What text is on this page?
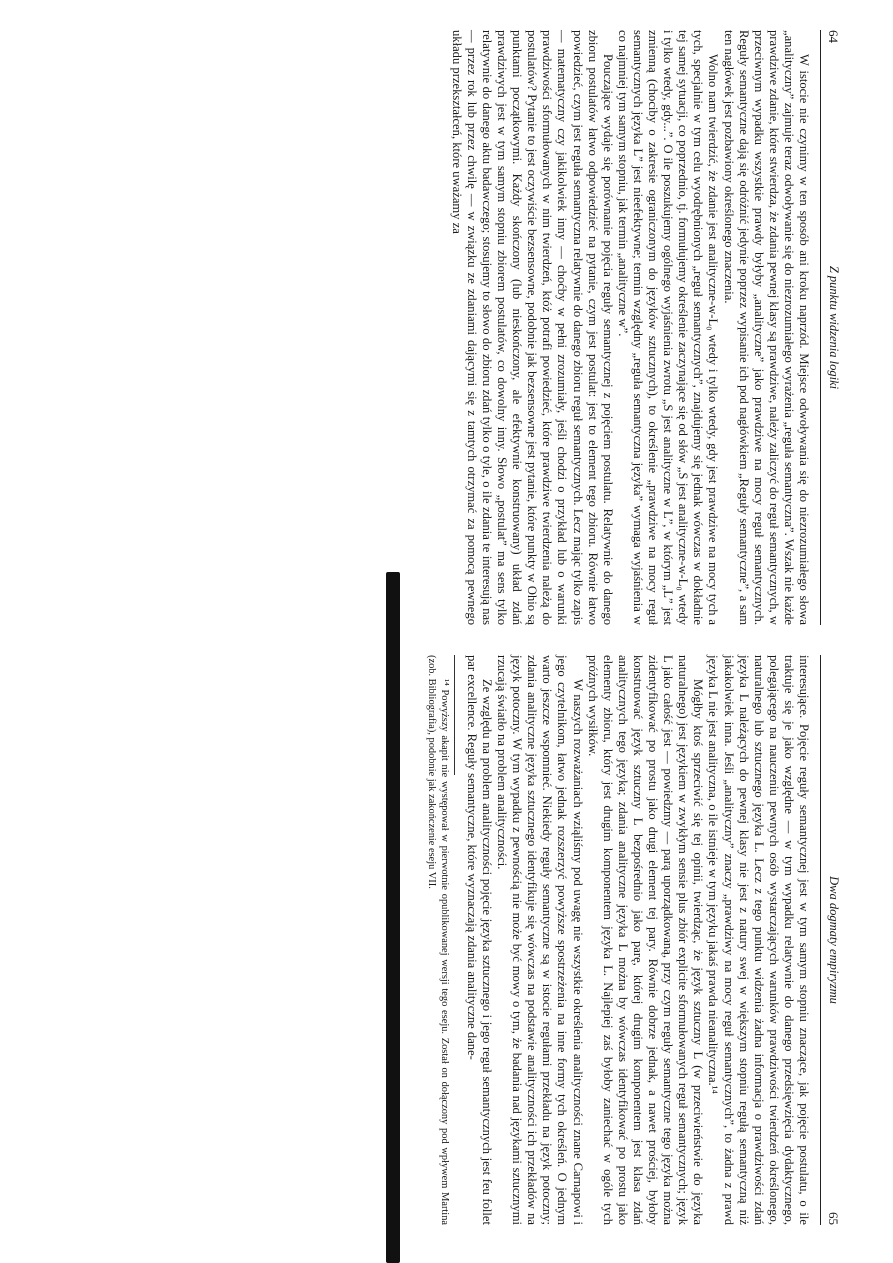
64
Z punktu widzenia logiki

W istocie nie czynimy w ten sposób ani kroku naprzód. Miejsce odwoływania się do niezrozumiałego słowa „analityczny” zajmuje teraz odwoływanie się do niezrozumiałego wyrażenia „reguła semantyczna”. Wszak nie każde prawdziwe zdanie, które stwierdza, że zdania pewnej klasy są prawdziwe, należy zaliczyć do reguł semantycznych, w przeciwnym wypadku wszystkie prawdy byłyby „analityczne” jako prawdziwe na mocy reguł semantycznych. Reguły semantyczne dają się odróżnić jedynie poprzez wypisanie ich pod nagłówkiem „Reguły semantyczne”, a sam ten nagłówek jest pozbawiony określonego znaczenia.

Wolno nam twierdzić, że zdanie jest analityczne-w-L₀ wtedy i tylko wtedy, gdy jest prawdziwe na mocy tych a tych, specjalnie w tym celu wyodrębnionych „reguł semantycznych”, znajdujemy się jednak wówczas w dokładnie tej samej sytuacji, co poprzednio, tj. formułujemy określenie zaczynające się od słów „S jest analityczne-w-L₀ wtedy i tylko wtedy, gdy...”. O ile poszukujemy ogólnego wyjaśnienia zwrotu „S jest analityczne w L”, w którym „L” jest zmienną (chociby o zakresie ograniczonym do języków sztucznych), to określenie „prawdziwe na mocy reguł semantycznych języka L” jest nieefektywne; termin względny „reguła semantyczna języka” wymaga wyjaśnienia w co najmniej tym samym stopniu, jak termin „analityczne w”.

Pouczające wydaje się porównanie pojęcia reguły semantycznej z pojęciem postulatu. Relatywnie do danego zbioru postulatów łatwo odpowiedzieć na pytanie, czym jest postulat: jest to element tego zbioru. Równie łatwo powiedzieć, czym jest reguła semantyczna relatywnie do danego zbioru reguł semantycznych. Lecz mając tylko zapis — matematyczny czy jakikolwiek inny — choćby w pełni zrozumiały, jeśli chodzi o przykład lub o warunki prawdziwości sformułowanych w nim twierdzeń, któż potrafi powiedzieć, które prawdziwe twierdzenia należą do postulatów? Pytanie to jest oczywiście bezsensowne, podobnie jak bezsensowne jest pytanie, które punkty w Ohio są punktami początkowymi. Każdy skończony (lub nieskończony, ale efektywnie konstruowany) układ zdań prawdziwych jest w tym samym stopniu zbiorem postulatów, co dowolny inny. Słowo „postulat” ma sens tylko relatywnie do danego aktu badawczego; stosujemy to słowo do zbioru zdań tylko o tyle, o ile zdania te interesują nas — przez rok lub przez chwilę — w związku ze zdaniami dającymi się z tamtych otrzymać za pomocą pewnego układu przekształceń, które uważamy za

Dwa dogmaty empiryzmu
65

interesujące. Pojęcie reguły semantycznej jest w tym samym stopniu znaczące, jak pojęcie postulatu, o ile traktuje się je jako względne — w tym wypadku relatywnie do danego przedsięwzięcia dydaktycznego, polegającego na nauczeniu pewnych osób wystarczających warunków prawdziwości twierdzeń określonego, naturalnego lub sztucznego języka L. Lecz z tego punktu widzenia żadna informacja o prawdziwości zdań języka L należących do pewnej klasy nie jest z natury swej w większym stopniu regułą semantyczną niż jakakolwiek inna. Jeśli „analityczny” znaczy „prawdziwy na mocy reguł semantycznych”, to żadna z prawd języka L nie jest analityczna, o ile istnieje w tym języku jakaś prawda nieanalityczna.¹⁴

Mógłby ktoś sprzeciwić się tej opinii, twierdząc, że język sztuczny L (w przeciwieństwie do języka naturalnego) jest językiem w zwykłym sensie plus zbiór explicite sformułowanych reguł semantycznych; język L jako całość jest — powiedzmy — parą uporządkowaną, przy czym reguły semantyczne tego języka można zidentyfikować po prostu jako drugi element tej pary. Równie dobrze jednak, a nawet prościej, byłoby konstruować język sztuczny L bezpośrednio jako parę, której drugim komponentem jest klasa zdań analitycznych tego języka; zdania analityczne języka L można by wówczas identyfikować po prostu jako elementy zbioru, który jest drugim komponentem języka L. Najlepiej zaś byłoby zaniechać w ogóle tych próżnych wysiłków.

W naszych rozważaniach wziąliśmy pod uwagę nie wszystkie określenia analityczności znane Carnapowi i jego czytelnikom, łatwo jednak rozszerzyć powyższe spostrzeżenia na inne formy tych określeń. O jednym warto jeszcze wspomnieć. Niekiedy reguły semantyczne są w istocie regułami przekładu na język potoczny; zdania analityczne języka sztucznego identyfikuje się wówczas na podstawie analityczności ich przekładów na język potoczny. W tym wypadku z pewnością nie może być mowy o tym, że badania nad językami sztucznymi rzucają światło na problem analityczności.

Ze względu na problem analityczności pojęcie języka sztucznego i jego reguł semantycznych jest feu follet par excellence. Reguły semantyczne, które wyznaczają zdania analityczne dane-

¹⁴ Powyższy akapit nie występował w pierwotnie opublikowanej wersji tego eseju. Został on dołączony pod wpływem Martina (zob. Bibliografia), podobnie jak zakończenie eseju VII.
